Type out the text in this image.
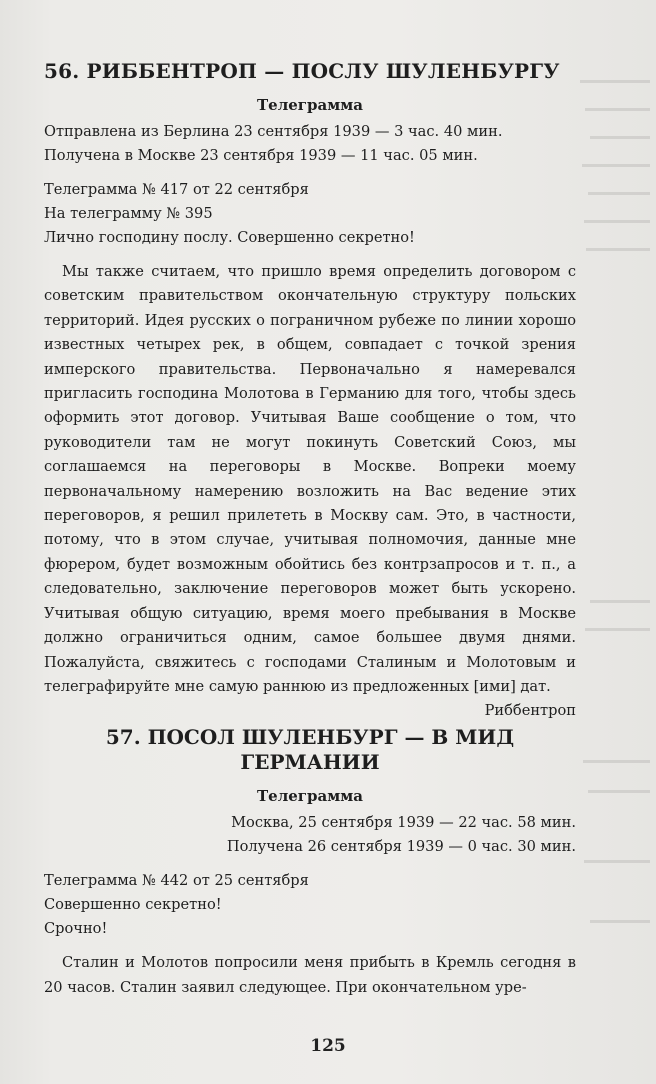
56. РИББЕНТРОП — ПОСЛУ ШУЛЕНБУРГУ
Телеграмма
Отправлена из Берлина 23 сентября 1939 — 3 час. 40 мин.
Получена в Москве 23 сентября 1939 — 11 час. 05 мин.
Телеграмма № 417 от 22 сентября
На телеграмму № 395
Лично господину послу. Совершенно секретно!

Мы также считаем, что пришло время определить договором с советским правительством окончательную структуру польских территорий. Идея русских о пограничном рубеже по линии хорошо известных четырех рек, в общем, совпадает с точкой зрения имперского правительства. Первоначально я намеревался пригласить господина Молотова в Германию для того, чтобы здесь оформить этот договор. Учитывая Ваше сообщение о том, что руководители там не могут покинуть Советский Союз, мы соглашаемся на переговоры в Москве. Вопреки моему первоначальному намерению возложить на Вас ведение этих переговоров, я решил прилететь в Москву сам. Это, в частности, потому, что в этом случае, учитывая полномочия, данные мне фюрером, будет возможным обойтись без контрзапросов и т. п., а следовательно, заключение переговоров может быть ускорено. Учитывая общую ситуацию, время моего пребывания в Москве должно ограничиться одним, самое большее двумя днями. Пожалуйста, свяжитесь с господами Сталиным и Молотовым и телеграфируйте мне самую раннюю из предложенных [ими] дат.

Риббентроп
57. ПОСОЛ ШУЛЕНБУРГ — В МИД
ГЕРМАНИИ
Телеграмма
Москва, 25 сентября 1939 — 22 час. 58 мин.
Получена 26 сентября 1939 — 0 час. 30 мин.
Телеграмма № 442 от 25 сентября
Совершенно секретно!
Срочно!

Сталин и Молотов попросили меня прибыть в Кремль сегодня в 20 часов. Сталин заявил следующее. При окончательном уре-

125
